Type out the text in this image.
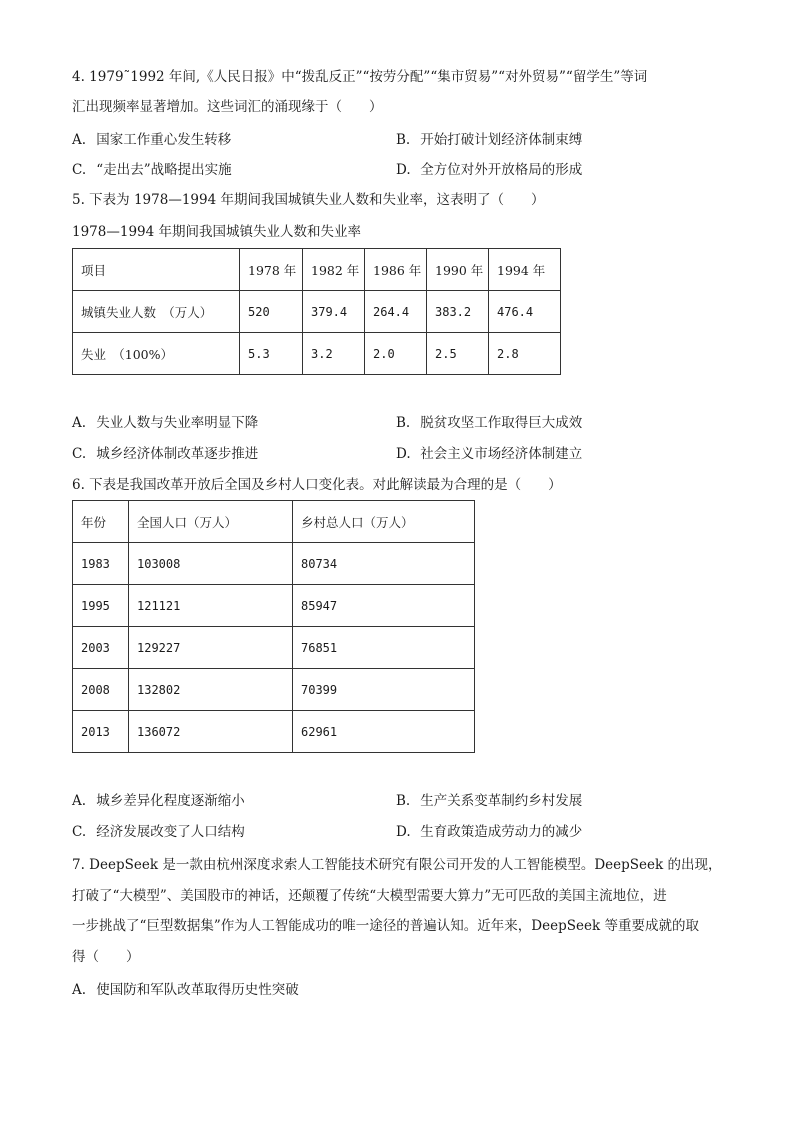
4. 1979˜1992 年间,《人民日报》中“拨乱反正”“按劳分配”“集市贸易”“对外贸易”“留学生”等词
汇出现频率显著增加。这些词汇的涌现缘于（　　）
A. 国家工作重心发生转移	B. 开始打破计划经济体制束缚
C. “走出去”战略提出实施	D. 全方位对外开放格局的形成
5. 下表为 1978—1994 年期间我国城镇失业人数和失业率，这表明了（　　）
1978—1994 年期间我国城镇失业人数和失业率
项目	1978 年	1982 年	1986 年	1990 年	1994 年
城镇失业人数　（万人）	520	379.4	264.4	383.2	476.4
失业　（100%）	5.3	3.2	2.0	2.5	2.8
A. 失业人数与失业率明显下降	B. 脱贫攻坚工作取得巨大成效
C. 城乡经济体制改革逐步推进	D. 社会主义市场经济体制建立
6. 下表是我国改革开放后全国及乡村人口变化表。对此解读最为合理的是（　　）
年份	全国人口（万人）	乡村总人口（万人）
1983	103008	80734
1995	121121	85947
2003	129227	76851
2008	132802	70399
2013	136072	62961
A. 城乡差异化程度逐渐缩小	B. 生产关系变革制约乡村发展
C. 经济发展改变了人口结构	D. 生育政策造成劳动力的减少
7. DeepSeek 是一款由杭州深度求索人工智能技术研究有限公司开发的人工智能模型。DeepSeek 的出现，
打破了“大模型”、美国股市的神话，还颠覆了传统“大模型需要大算力”无可匹敌的美国主流地位，进
一步挑战了“巨型数据集”作为人工智能成功的唯一途径的普遍认知。近年来，DeepSeek 等重要成就的取
得（　　）
A. 使国防和军队改革取得历史性突破
